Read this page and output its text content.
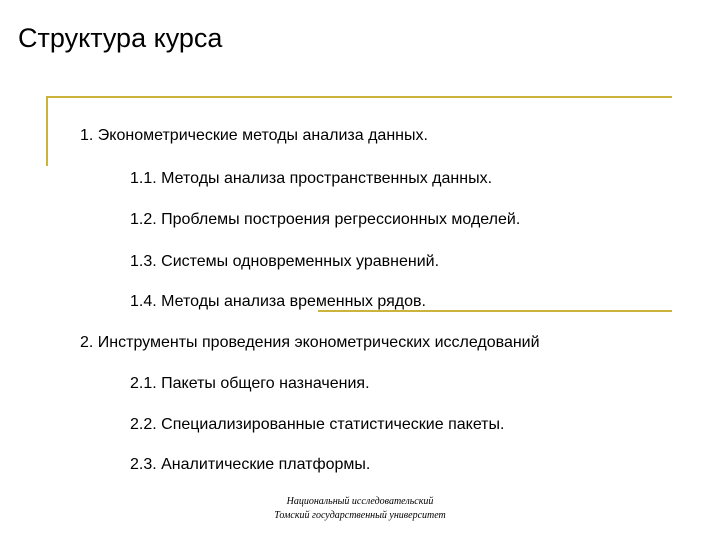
Структура курса
1. Эконометрические методы анализа данных.
1.1. Методы анализа пространственных данных.
1.2. Проблемы построения регрессионных моделей.
1.3. Системы одновременных уравнений.
1.4. Методы анализа временных рядов.
2. Инструменты проведения эконометрических исследований
2.1. Пакеты общего назначения.
2.2. Специализированные статистические пакеты.
2.3. Аналитические платформы.
Национальный исследовательский
Томский государственный университет
